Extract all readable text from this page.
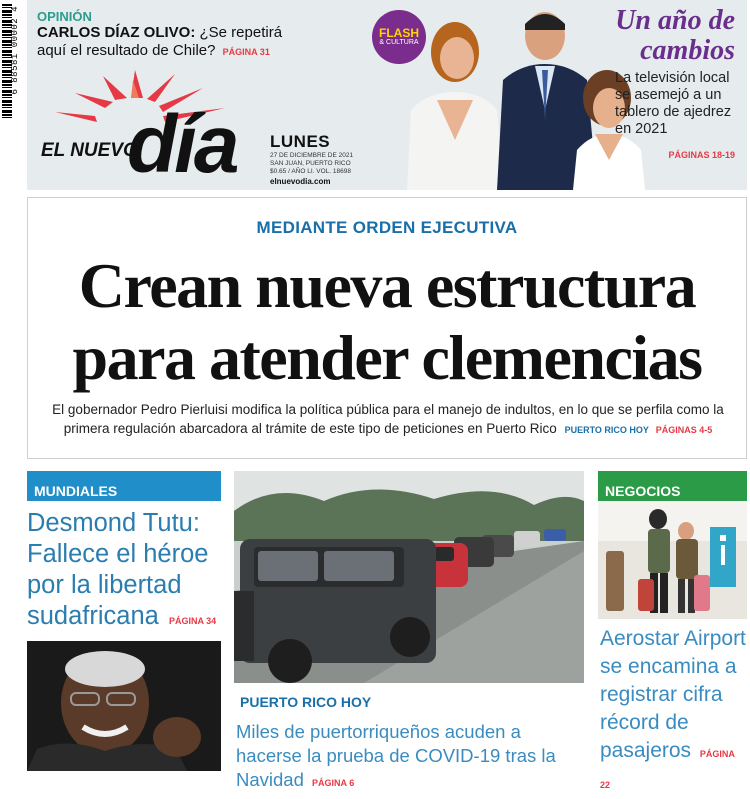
6 88581 00002 4 OPINIÓN
CARLOS DÍAZ OLIVO: ¿Se repetirá aquí el resultado de Chile? PÁGINA 31
EL NUEVO
día LUNES
27 DE DICIEMBRE DE 2021
SAN JUAN, PUERTO RICO
$0.65 / AÑO LI. VOL. 18698
elnuevodia.com
FLASH
& CULTURA
Un año de cambios
La televisión local se asemejó a un tablero de ajedrez en 2021
PÁGINAS 18-19
MEDIANTE ORDEN EJECUTIVA
Crean nueva estructura
para atender clemencias
El gobernador Pedro Pierluisi modifica la política pública para el manejo de indultos, en lo que se perfila como la primera regulación abarcadora al trámite de este tipo de peticiones en Puerto Rico PUERTO RICO HOY PÁGINAS 4-5
MUNDIALES
Desmond Tutu: Fallece el héroe por la libertad sudafricana PÁGINA 34
PUERTO RICO HOY
Miles de puertorriqueños acuden a hacerse la prueba de COVID-19 tras la Navidad PÁGINA 6
NEGOCIOS
Aerostar Airport se encamina a registrar cifra récord de pasajeros PÁGINA 22
